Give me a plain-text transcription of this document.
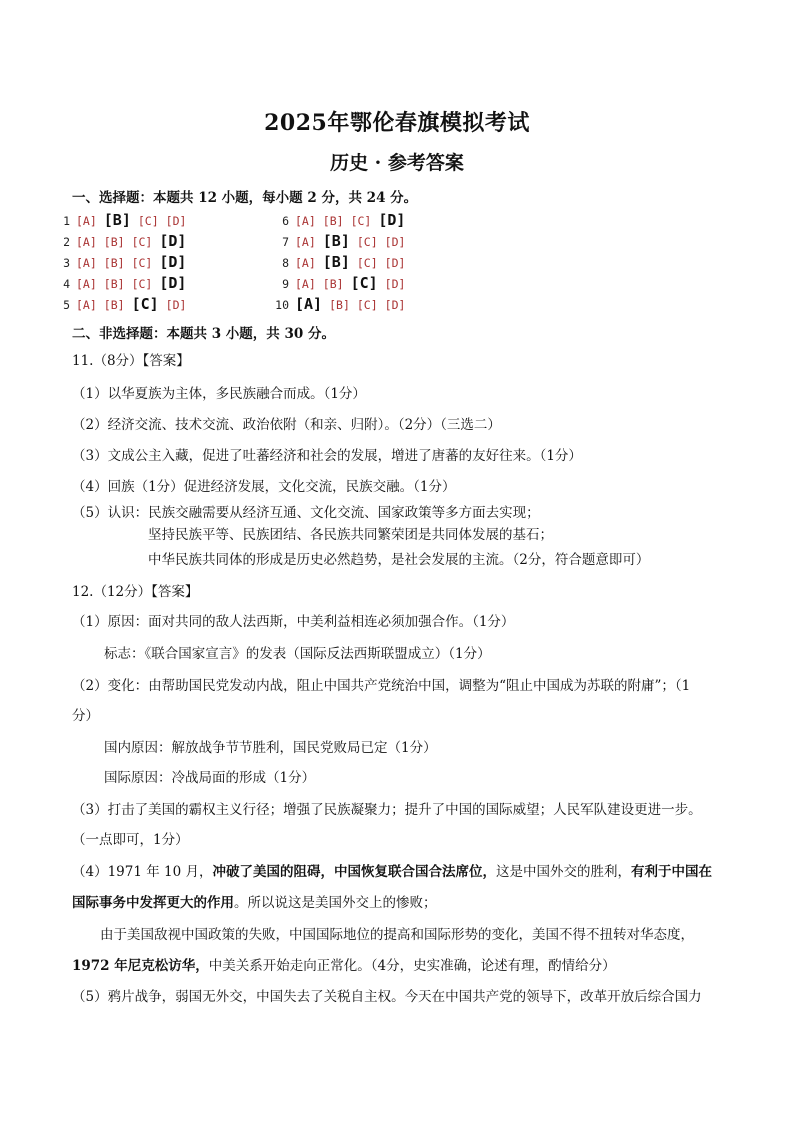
2025年鄂伦春旗模拟考试
历史 · 参考答案
一、选择题：本题共 12 小题，每小题 2 分，共 24 分。
1 [A] [B] [C] [D]
2 [A] [B] [C] [D]
3 [A] [B] [C] [D]
4 [A] [B] [C] [D]
5 [A] [B] [C] [D]
6 [A] [B] [C] [D]
7 [A] [B] [C] [D]
8 [A] [B] [C] [D]
9 [A] [B] [C] [D]
10 [A] [B] [C] [D]
二、非选择题：本题共 3 小题，共 30 分。
11.（8分）【答案】
（1）以华夏族为主体，多民族融合而成。（1分）
（2）经济交流、技术交流、政治依附（和亲、归附）。（2分）（三选二）
（3）文成公主入藏，促进了吐蕃经济和社会的发展，增进了唐蕃的友好往来。（1分）
（4）回族（1分）促进经济发展，文化交流，民族交融。（1分）
（5）认识：民族交融需要从经济互通、文化交流、国家政策等多方面去实现；
坚持民族平等、民族团结、各民族共同繁荣团是共同体发展的基石；
中华民族共同体的形成是历史必然趋势，是社会发展的主流。（2分，符合题意即可）
12.（12分）【答案】
（1）原因：面对共同的敌人法西斯，中美利益相连必须加强合作。（1分）
标志：《联合国家宣言》的发表（国际反法西斯联盟成立）（1分）
（2）变化：由帮助国民党发动内战，阻止中国共产党统治中国，调整为“阻止中国成为苏联的附庸”；（1
分）
国内原因：解放战争节节胜利，国民党败局已定（1分）
国际原因：冷战局面的形成（1分）
（3）打击了美国的霸权主义行径；增强了民族凝聚力；提升了中国的国际威望；人民军队建设更进一步。
（一点即可，1分）
（4）1971 年 10 月，冲破了美国的阻碍，中国恢复联合国合法席位，这是中国外交的胜利，有利于中国在
国际事务中发挥更大的作用。所以说这是美国外交上的惨败；
由于美国敌视中国政策的失败，中国国际地位的提高和国际形势的变化，美国不得不扭转对华态度，
1972 年尼克松访华，中美关系开始走向正常化。（4分，史实准确，论述有理，酌情给分）
（5）鸦片战争，弱国无外交，中国失去了关税自主权。今天在中国共产党的领导下，改革开放后综合国力
